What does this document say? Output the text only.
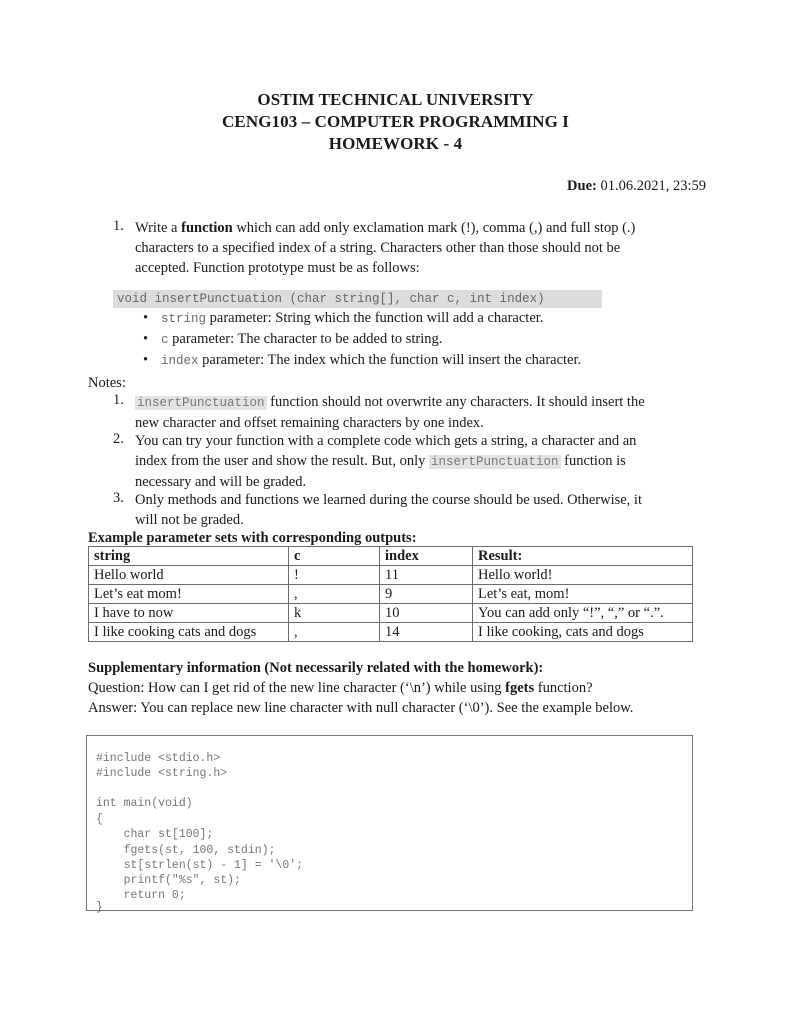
OSTIM TECHNICAL UNIVERSITY
CENG103 – COMPUTER PROGRAMMING I
HOMEWORK - 4
Due: 01.06.2021, 23:59
1. Write a function which can add only exclamation mark (!), comma (,) and full stop (.)
characters to a specified index of a string. Characters other than those should not be
accepted. Function prototype must be as follows:
void insertPunctuation (char string[], char c, int index)
• string parameter: String which the function will add a character.
• c parameter: The character to be added to string.
• index parameter: The index which the function will insert the character.
Notes:
1. insertPunctuation function should not overwrite any characters. It should insert the
new character and offset remaining characters by one index.
2. You can try your function with a complete code which gets a string, a character and an
index from the user and show the result. But, only insertPunctuation function is
necessary and will be graded.
3. Only methods and functions we learned during the course should be used. Otherwise, it
will not be graded.
Example parameter sets with corresponding outputs:
string	c	index	Result:
Hello world	!	11	Hello world!
Let’s eat mom!	,	9	Let’s eat, mom!
I have to now	k	10	You can add only “!”, “,” or “.”.
I like cooking cats and dogs	,	14	I like cooking, cats and dogs
Supplementary information (Not necessarily related with the homework):
Question: How can I get rid of the new line character (‘\n’) while using fgets function?
Answer: You can replace new line character with null character (‘\0’). See the example below.
#include <stdio.h>
#include <string.h>
int main(void)
{
char st[100];
fgets(st, 100, stdin);
st[strlen(st) - 1] = '\0';
printf("%s", st);
return 0;
}
